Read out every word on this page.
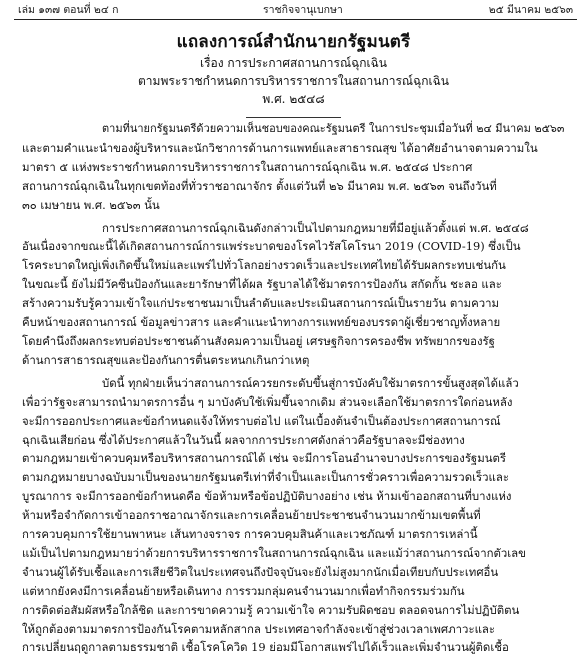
เล่ม ๑๓๗ ตอนที่ ๒๔ ก	ราชกิจจานุเบกษา	๒๕ มีนาคม ๒๕๖๓
แถลงการณ์สำนักนายกรัฐมนตรี
เรื่อง การประกาศสถานการณ์ฉุกเฉิน
ตามพระราชกำหนดการบริหารราชการในสถานการณ์ฉุกเฉิน
พ.ศ. ๒๕๔๘
ตามที่นายกรัฐมนตรีด้วยความเห็นชอบของคณะรัฐมนตรี ในการประชุมเมื่อวันที่ ๒๔ มีนาคม ๒๕๖๓
และตามคำแนะนำของผู้บริหารและนักวิชาการด้านการแพทย์และสาธารณสุข ได้อาศัยอำนาจตามความใน
มาตรา ๕ แห่งพระราชกำหนดการบริหารราชการในสถานการณ์ฉุกเฉิน พ.ศ. ๒๕๔๘ ประกาศ
สถานการณ์ฉุกเฉินในทุกเขตท้องที่ทั่วราชอาณาจักร ตั้งแต่วันที่ ๒๖ มีนาคม พ.ศ. ๒๕๖๓ จนถึงวันที่
๓๐ เมษายน พ.ศ. ๒๕๖๓ นั้น
การประกาศสถานการณ์ฉุกเฉินดังกล่าวเป็นไปตามกฎหมายที่มีอยู่แล้วตั้งแต่ พ.ศ. ๒๕๔๘
อันเนื่องจากขณะนี้ได้เกิดสถานการณ์การแพร่ระบาดของโรคไวรัสโคโรนา 2019 (COVID-19) ซึ่งเป็น
โรคระบาดใหญ่เพิ่งเกิดขึ้นใหม่และแพร่ไปทั่วโลกอย่างรวดเร็วและประเทศไทยได้รับผลกระทบเช่นกัน
ในขณะนี้ ยังไม่มีวัคซีนป้องกันและยารักษาที่ได้ผล รัฐบาลได้ใช้มาตรการป้องกัน สกัดกั้น ชะลอ และ
สร้างความรับรู้ความเข้าใจแก่ประชาชนมาเป็นลำดับและประเมินสถานการณ์เป็นรายวัน ตามความ
คืบหน้าของสถานการณ์ ข้อมูลข่าวสาร และคำแนะนำทางการแพทย์ของบรรดาผู้เชี่ยวชาญทั้งหลาย
โดยคำนึงถึงผลกระทบต่อประชาชนด้านสังคมความเป็นอยู่ เศรษฐกิจการครองชีพ ทรัพยากรของรัฐ
ด้านการสาธารณสุขและป้องกันการตื่นตระหนกเกินกว่าเหตุ
บัดนี้ ทุกฝ่ายเห็นว่าสถานการณ์ควรยกระดับขึ้นสู่การบังคับใช้มาตรการขั้นสูงสุดได้แล้ว
เพื่อว่ารัฐจะสามารถนำมาตรการอื่น ๆ มาบังคับใช้เพิ่มขึ้นจากเดิม ส่วนจะเลือกใช้มาตรการใดก่อนหลัง
จะมีการออกประกาศและข้อกำหนดแจ้งให้ทราบต่อไป แต่ในเบื้องต้นจำเป็นต้องประกาศสถานการณ์
ฉุกเฉินเสียก่อน ซึ่งได้ประกาศแล้วในวันนี้ ผลจากการประกาศดังกล่าวคือรัฐบาลจะมีช่องทาง
ตามกฎหมายเข้าควบคุมหรือบริหารสถานการณ์ได้ เช่น จะมีการโอนอำนาจบางประการของรัฐมนตรี
ตามกฎหมายบางฉบับมาเป็นของนายกรัฐมนตรีเท่าที่จำเป็นและเป็นการชั่วคราวเพื่อความรวดเร็วและ
บูรณาการ จะมีการออกข้อกำหนดคือ ข้อห้ามหรือข้อปฏิบัติบางอย่าง เช่น ห้ามเข้าออกสถานที่บางแห่ง
ห้ามหรือจำกัดการเข้าออกราชอาณาจักรและการเคลื่อนย้ายประชาชนจำนวนมากข้ามเขตพื้นที่
การควบคุมการใช้ยานพาหนะ เส้นทางจราจร การควบคุมสินค้าและเวชภัณฑ์ มาตรการเหล่านี้
แม้เป็นไปตามกฎหมายว่าด้วยการบริหารราชการในสถานการณ์ฉุกเฉิน และแม้ว่าสถานการณ์จากตัวเลข
จำนวนผู้ได้รับเชื้อและการเสียชีวิตในประเทศจนถึงปัจจุบันจะยังไม่สูงมากนักเมื่อเทียบกับประเทศอื่น
แต่หากยังคงมีการเคลื่อนย้ายหรือเดินทาง การรวมกลุ่มคนจำนวนมากเพื่อทำกิจกรรมร่วมกัน
การติดต่อสัมผัสหรือใกล้ชิด และการขาดความรู้ ความเข้าใจ ความรับผิดชอบ ตลอดจนการไม่ปฏิบัติตน
ให้ถูกต้องตามมาตรการป้องกันโรคตามหลักสากล ประเทศอาจกำลังจะเข้าสู่ช่วงเวลาเพศภาวะและ
การเปลี่ยนฤดูกาลตามธรรมชาติ เชื้อโรคโควิด 19 ย่อมมีโอกาสแพร่ไปได้เร็วและเพิ่มจำนวนผู้ติดเชื้อ
